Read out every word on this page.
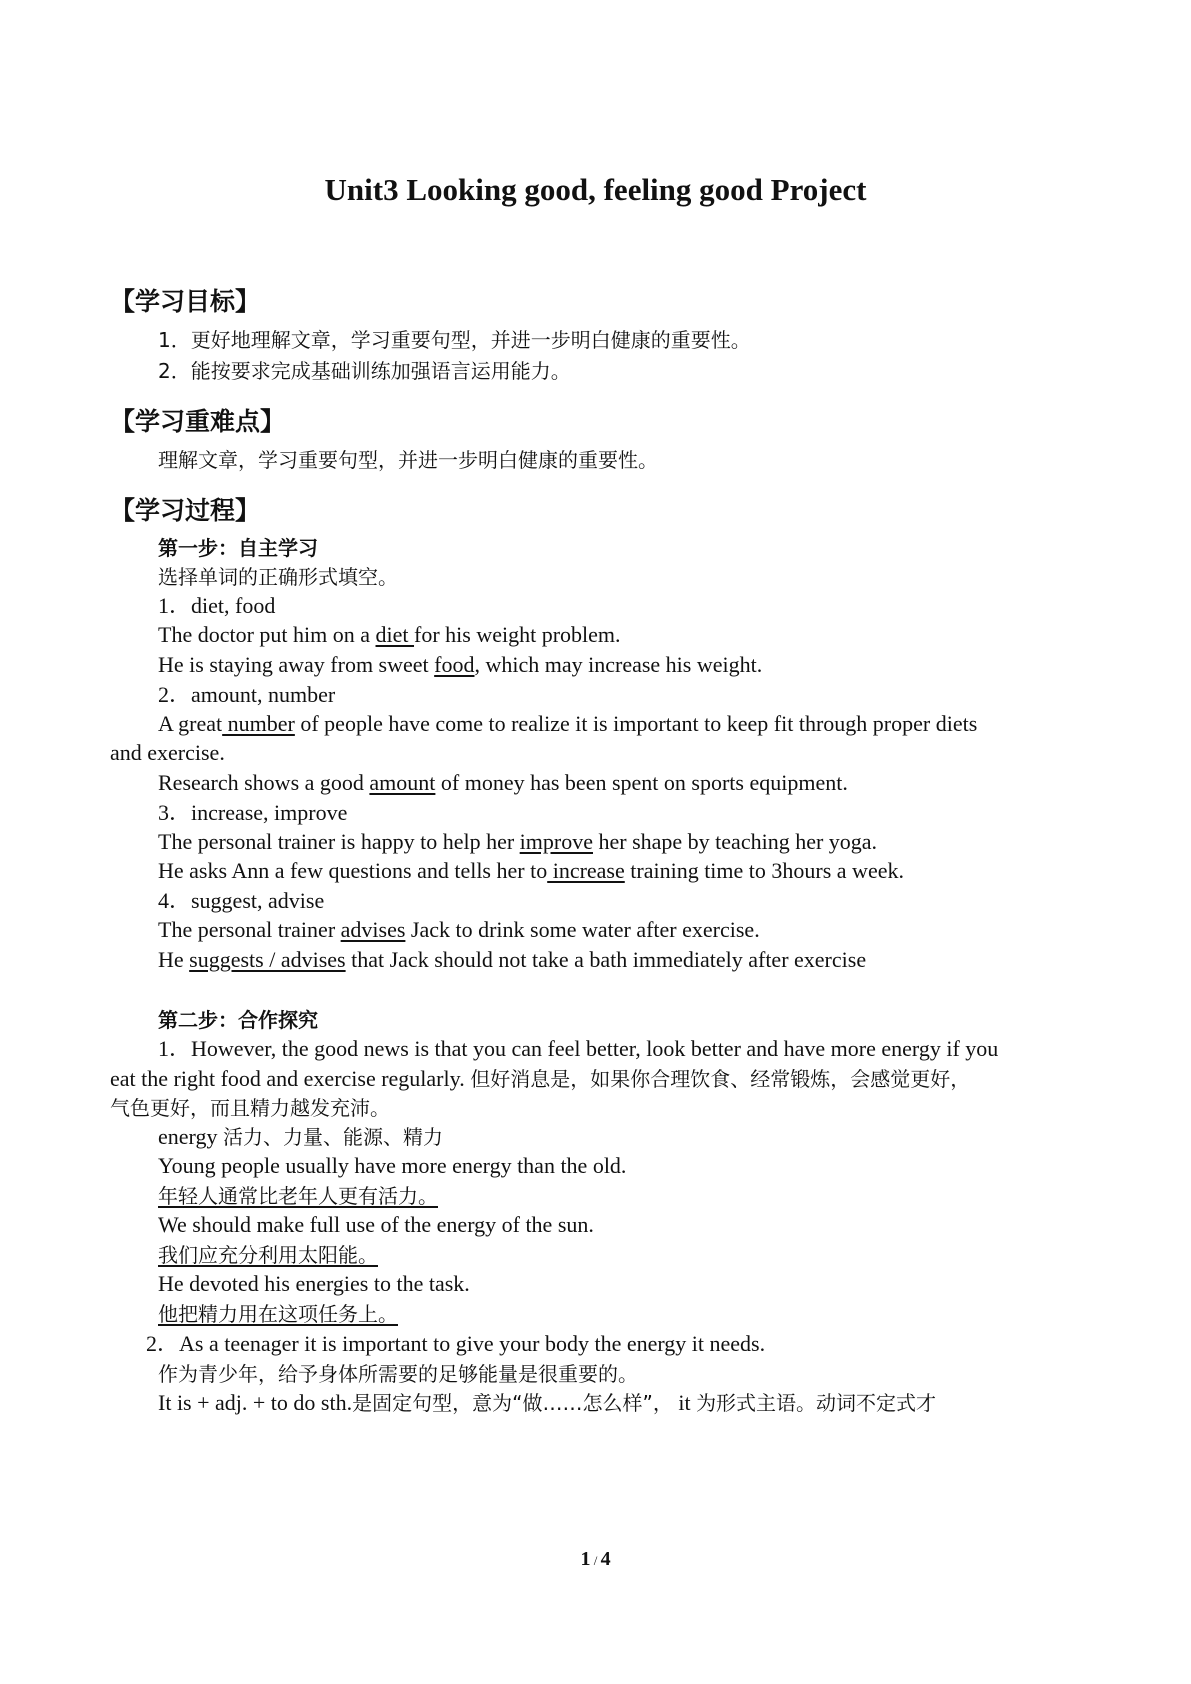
Unit3 Looking good, feeling good Project
【学习目标】
1．更好地理解文章，学习重要句型，并进一步明白健康的重要性。
2．能按要求完成基础训练加强语言运用能力。
【学习重难点】
理解文章，学习重要句型，并进一步明白健康的重要性。
【学习过程】
第一步：自主学习
选择单词的正确形式填空。
1．diet, food
The doctor put him on a diet for his weight problem.
He is staying away from sweet food, which may increase his weight.
2．amount, number
A great number of people have come to realize it is important to keep fit through proper diets
and exercise.
Research shows a good amount of money has been spent on sports equipment.
3．increase, improve
The personal trainer is happy to help her improve her shape by teaching her yoga.
He asks Ann a few questions and tells her to increase training time to 3hours a week.
4．suggest, advise
The personal trainer advises Jack to drink some water after exercise.
He suggests / advises that Jack should not take a bath immediately after exercise
第二步：合作探究
1．However, the good news is that you can feel better, look better and have more energy if you
eat the right food and exercise regularly. 但好消息是，如果你合理饮食、经常锻炼，会感觉更好，
气色更好，而且精力越发充沛。
energy 活力、力量、能源、精力
Young people usually have more energy than the old.
年轻人通常比老年人更有活力。
We should make full use of the energy of the sun.
我们应充分利用太阳能。
He devoted his energies to the task.
他把精力用在这项任务上。
2．As a teenager it is important to give your body the energy it needs.
作为青少年，给予身体所需要的足够能量是很重要的。
It is + adj. + to do sth.是固定句型，意为“做……怎么样”， it 为形式主语。动词不定式才
1 / 4
